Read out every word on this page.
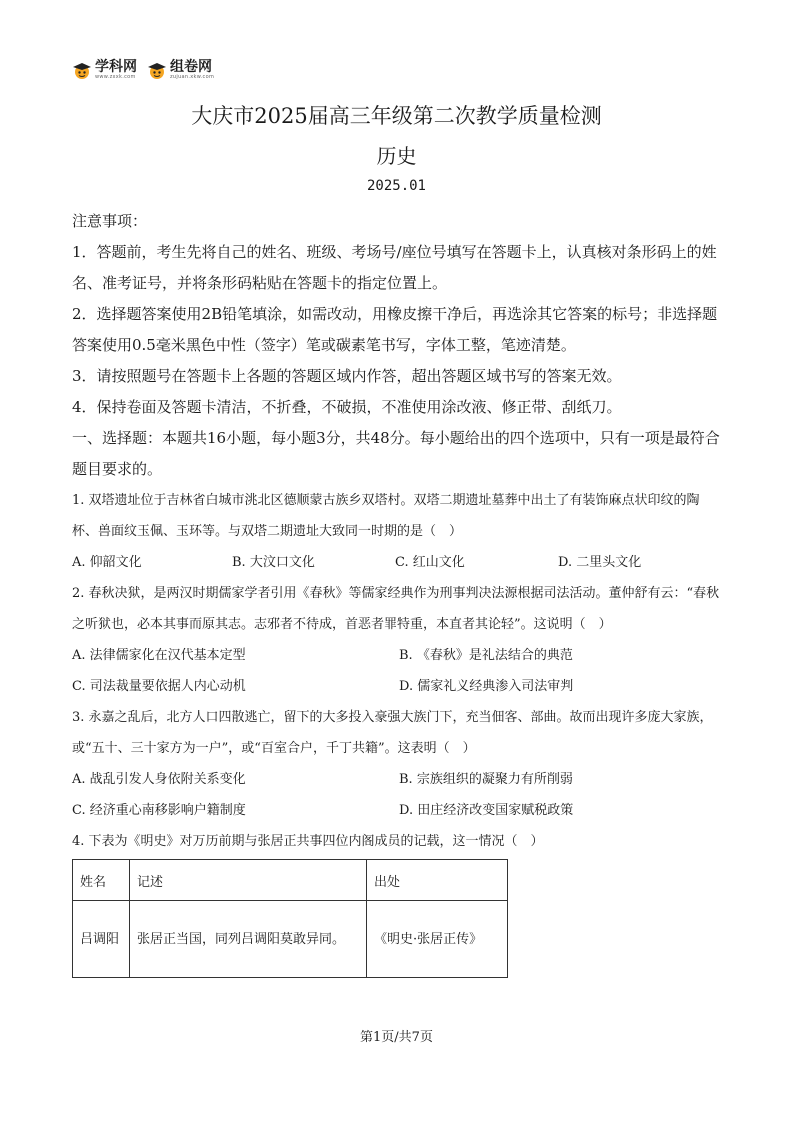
学科网
www.zxxk.com
组卷网
zujuan.xkw.com
大庆市2025届高三年级第二次教学质量检测
历史
2025.01

注意事项：

1．答题前，考生先将自己的姓名、班级、考场号/座位号填写在答题卡上，认真核对条形码上的姓名、准考证号，并将条形码粘贴在答题卡的指定位置上。

2．选择题答案使用2B铅笔填涂，如需改动，用橡皮擦干净后，再选涂其它答案的标号；非选择题答案使用0.5毫米黑色中性（签字）笔或碳素笔书写，字体工整，笔迹清楚。

3．请按照题号在答题卡上各题的答题区域内作答，超出答题区域书写的答案无效。

4．保持卷面及答题卡清洁，不折叠，不破损，不准使用涂改液、修正带、刮纸刀。

一、选择题：本题共16小题，每小题3分，共48分。每小题给出的四个选项中，只有一项是最符合题目要求的。

1. 双塔遗址位于吉林省白城市洮北区德顺蒙古族乡双塔村。双塔二期遗址墓葬中出土了有装饰麻点状印纹的陶杯、兽面纹玉佩、玉环等。与双塔二期遗址大致同一时期的是（　）

A. 仰韶文化	B. 大汶口文化	C. 红山文化	D. 二里头文化

2. 春秋决狱，是两汉时期儒家学者引用《春秋》等儒家经典作为刑事判决法源根据司法活动。董仲舒有云：“春秋之听狱也，必本其事而原其志。志邪者不待成，首恶者罪特重，本直者其论轻”。这说明（　）

A. 法律儒家化在汉代基本定型	B. 《春秋》是礼法结合的典范
C. 司法裁量要依据人内心动机	D. 儒家礼义经典渗入司法审判

3. 永嘉之乱后，北方人口四散逃亡，留下的大多投入豪强大族门下，充当佃客、部曲。故而出现许多庞大家族，或“五十、三十家方为一户”，或“百室合户，千丁共籍”。这表明（　）

A. 战乱引发人身依附关系变化	B. 宗族组织的凝聚力有所削弱
C. 经济重心南移影响户籍制度	D. 田庄经济改变国家赋税政策

4. 下表为《明史》对万历前期与张居正共事四位内阁成员的记载，这一情况（　）

姓名	记述	出处
吕调阳	张居正当国，同列吕调阳莫敢异同。	《明史·张居正传》
第1页/共7页
